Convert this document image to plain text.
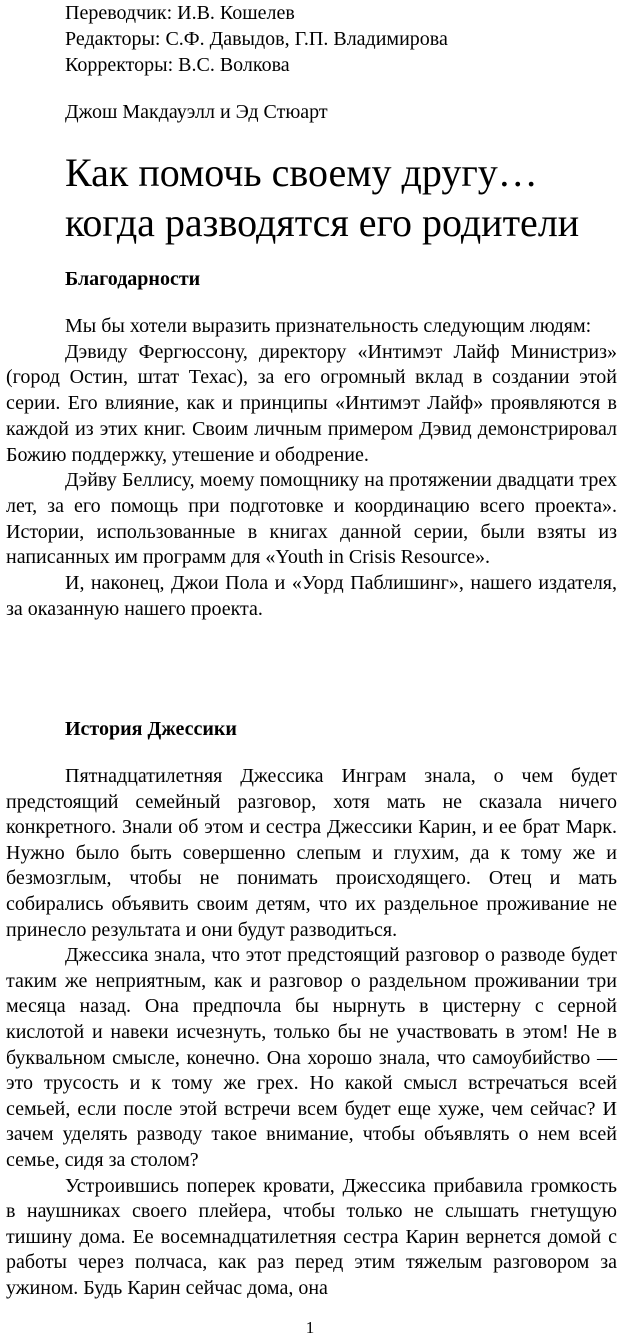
Переводчик: И.В. Кошелев
Редакторы: С.Ф. Давыдов, Г.П. Владимирова
Корректоры: В.С. Волкова
Джош Макдауэлл и Эд Стюарт
Как помочь своему другу…
когда разводятся его родители
Благодарности

Мы бы хотели выразить признательность следующим людям:

Дэвиду Фергюссону, директору «Интимэт Лайф Министриз» (город Остин, штат Техас), за его огромный вклад в создании этой серии. Его влияние, как и принципы «Интимэт Лайф» проявляются в каждой из этих книг. Своим личным примером Дэвид демонстрировал Божию поддержку, утешение и ободрение.

Дэйву Беллису, моему помощнику на протяжении двадцати трех лет, за его помощь при подготовке и координацию всего проекта». Истории, использованные в книгах данной серии, были взяты из написанных им программ для «Youth in Crisis Resource».

И, наконец, Джои Пола и «Уорд Паблишинг», нашего издателя, за оказанную нашего проекта.

История Джессики

Пятнадцатилетняя Джессика Инграм знала, о чем будет предстоящий семейный разговор, хотя мать не сказала ничего конкретного. Знали об этом и сестра Джессики Карин, и ее брат Марк. Нужно было быть совершенно слепым и глухим, да к тому же и безмозглым, чтобы не понимать происходящего. Отец и мать собирались объявить своим детям, что их раздельное проживание не принесло результата и они будут разводиться.

Джессика знала, что этот предстоящий разговор о разводе будет таким же неприятным, как и разговор о раздельном проживании три месяца назад. Она предпочла бы нырнуть в цистерну с серной кислотой и навеки исчезнуть, только бы не участвовать в этом! Не в буквальном смысле, конечно. Она хорошо знала, что самоубийство — это трусость и к тому же грех. Но какой смысл встречаться всей семьей, если после этой встречи всем будет еще хуже, чем сейчас? И зачем уделять разводу такое внимание, чтобы объявлять о нем всей семье, сидя за столом?

Устроившись поперек кровати, Джессика прибавила громкость в наушниках своего плейера, чтобы только не слышать гнетущую тишину дома. Ее восемнадцатилетняя сестра Карин вернется домой с работы через полчаса, как раз перед этим тяжелым разговором за ужином. Будь Карин сейчас дома, она

1
